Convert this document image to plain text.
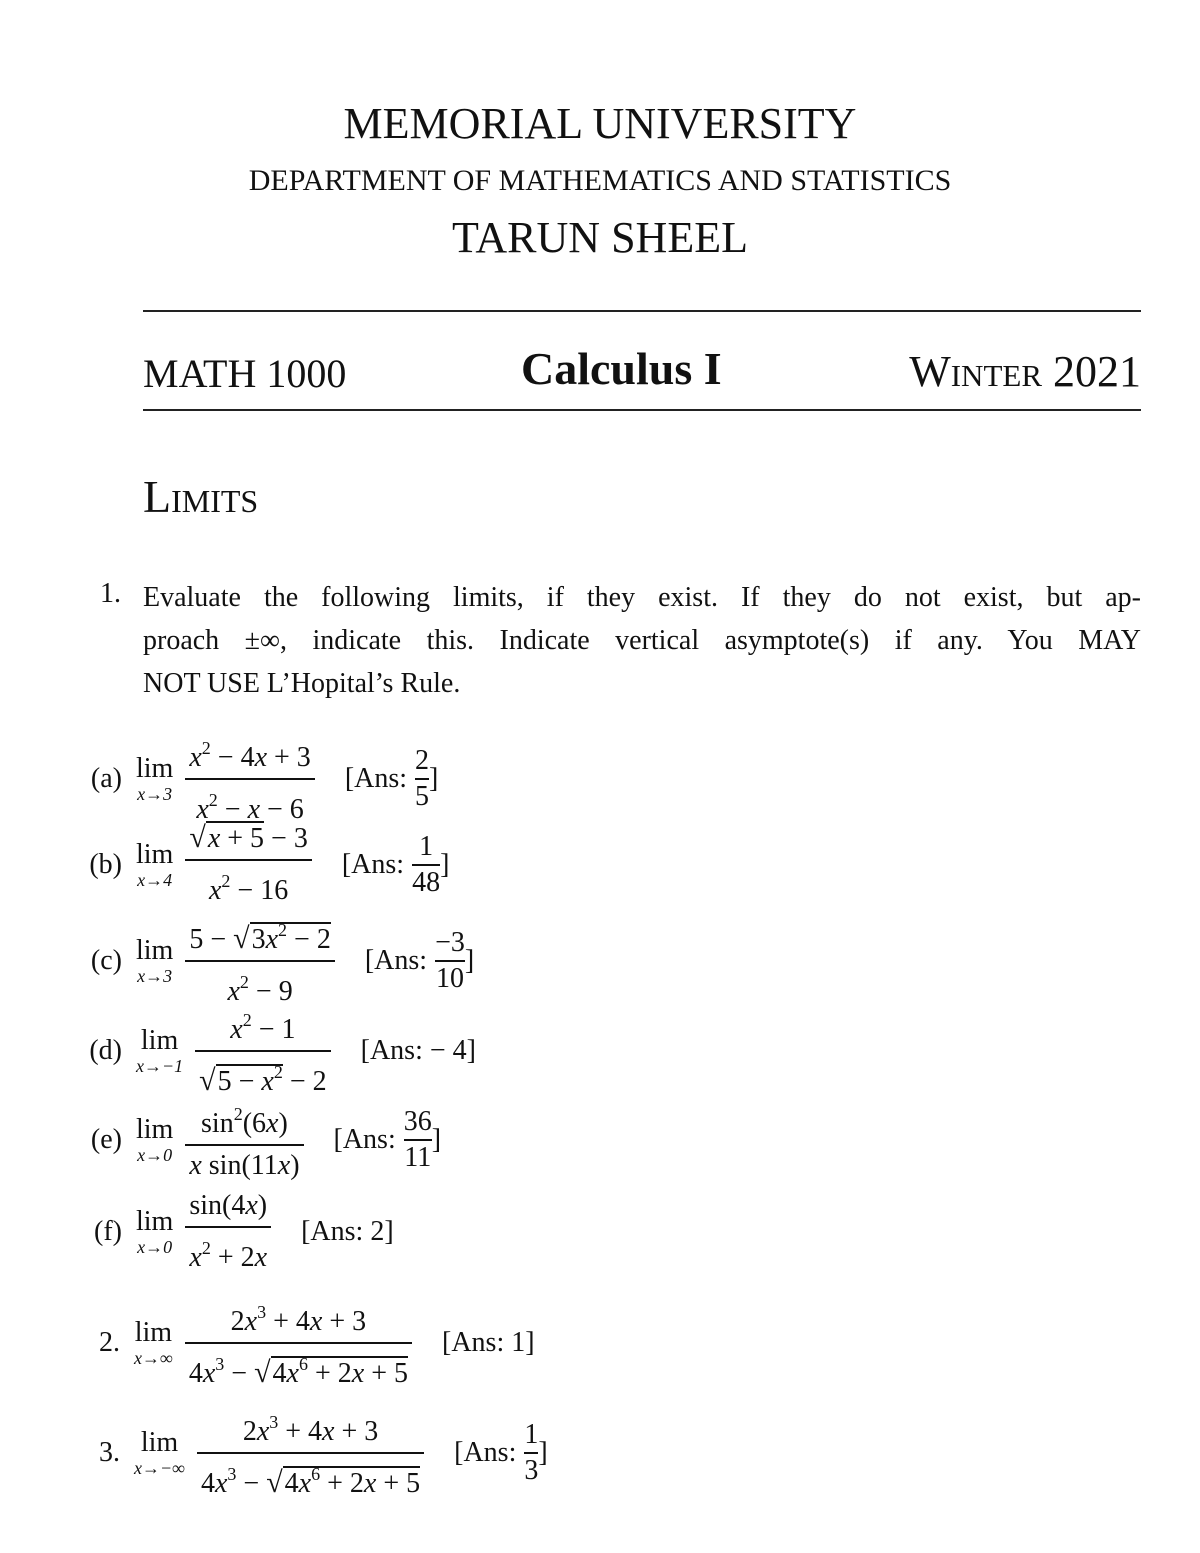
MEMORIAL UNIVERSITY
DEPARTMENT OF MATHEMATICS AND STATISTICS
TARUN SHEEL
MATH 1000	Calculus I	Winter 2021
Limits
1. Evaluate the following limits, if they exist. If they do not exist, but ap-
proach ±∞, indicate this. Indicate vertical asymptote(s) if any. You MAY
NOT USE L’Hopital’s Rule.
(a) lim
$x\to 3 \frac{x^2 - 4x + 3}{x^2 - x - 6} [Ans$: $\frac{2}{5}$ ]
(b) lim
$x\to 4 \frac{√x + 5 - 3}{x^2 - 16} [Ans$: $\frac{1}{48}$ ]
(c) lim
$x\to 3 \frac{5 - √3x^2 - 2}{x^2 - 9} [Ans$: $\frac{-3}{10}$ ]
(d) lim
$x\to-1 \frac{x^2 - 1}{√5 - x^2 - 2} [Ans$: − 4]
(e) lim
$x\to 0 \frac{\sin^2(6x)}{\text{x sin(11x)}} [Ans$: $\frac{36}{11}$ ]
(f) lim
$x\to 0 \frac{\sin(4x)}{x^2 + 2x} [Ans$: 2]
2. lim
$x\to\infty \frac{2x^3 + 4x + 3}{4x^3 - √4x^6 + 2x + 5} [Ans$: 1]
3. lim
$x\to-\infty \frac{2x^3 + 4x + 3}{4x^3 - √4x^6 + 2x + 5} [Ans$: $\frac{1}{3}$ ]
